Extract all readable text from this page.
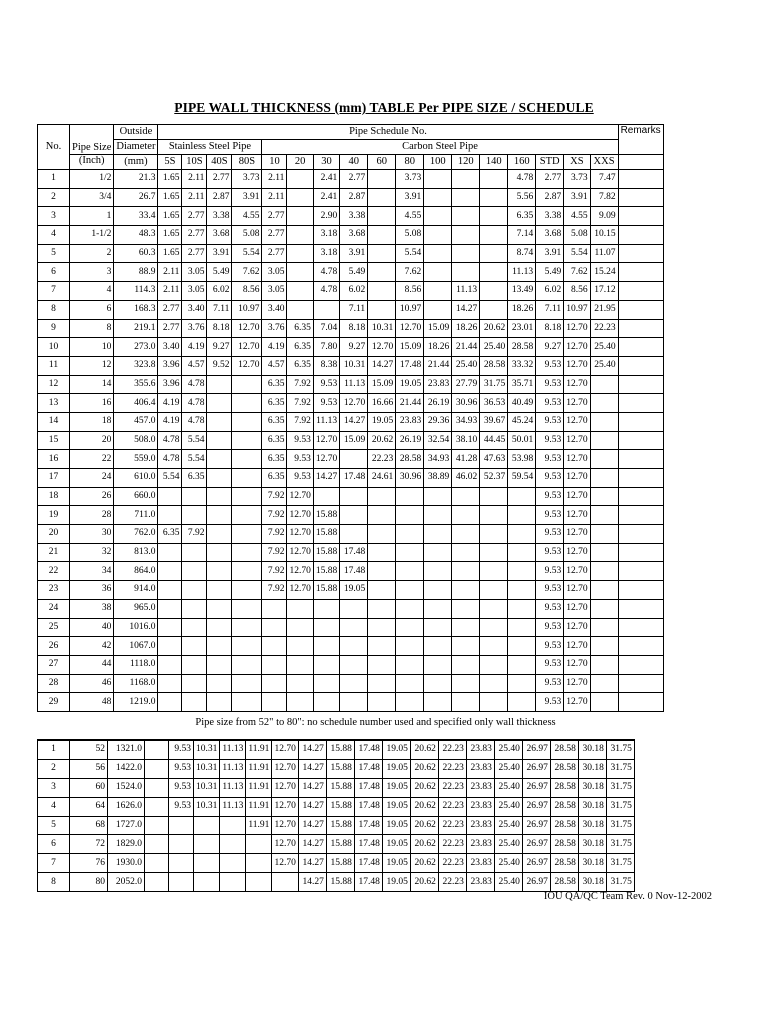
PIPE WALL THICKNESS (mm) TABLE Per PIPE SIZE / SCHEDULE
No.	Pipe Size	Outside	Pipe Schedule No.																	Remarks
		Diameter	Stainless Steel Pipe				Carbon Steel Pipe													
	(Inch)	(mm)	5S	10S	40S	80S	10	20	30	40	60	80	100	120	140	160	STD	XS	XXS	
1	1/2	21.3	1.65	2.11	2.77	3.73	2.11		2.41	2.77		3.73				4.78	2.77	3.73	7.47	
2	3/4	26.7	1.65	2.11	2.87	3.91	2.11		2.41	2.87		3.91				5.56	2.87	3.91	7.82	
3	1	33.4	1.65	2.77	3.38	4.55	2.77		2.90	3.38		4.55				6.35	3.38	4.55	9.09	
4	1-1/2	48.3	1.65	2.77	3.68	5.08	2.77		3.18	3.68		5.08				7.14	3.68	5.08	10.15	
5	2	60.3	1.65	2.77	3.91	5.54	2.77		3.18	3.91		5.54				8.74	3.91	5.54	11.07	
6	3	88.9	2.11	3.05	5.49	7.62	3.05		4.78	5.49		7.62				11.13	5.49	7.62	15.24	
7	4	114.3	2.11	3.05	6.02	8.56	3.05		4.78	6.02		8.56		11.13		13.49	6.02	8.56	17.12	
8	6	168.3	2.77	3.40	7.11	10.97	3.40			7.11		10.97		14.27		18.26	7.11	10.97	21.95	
9	8	219.1	2.77	3.76	8.18	12.70	3.76	6.35	7.04	8.18	10.31	12.70	15.09	18.26	20.62	23.01	8.18	12.70	22.23	
10	10	273.0	3.40	4.19	9.27	12.70	4.19	6.35	7.80	9.27	12.70	15.09	18.26	21.44	25.40	28.58	9.27	12.70	25.40	
11	12	323.8	3.96	4.57	9.52	12.70	4.57	6.35	8.38	10.31	14.27	17.48	21.44	25.40	28.58	33.32	9.53	12.70	25.40	
12	14	355.6	3.96	4.78			6.35	7.92	9.53	11.13	15.09	19.05	23.83	27.79	31.75	35.71	9.53	12.70		
13	16	406.4	4.19	4.78			6.35	7.92	9.53	12.70	16.66	21.44	26.19	30.96	36.53	40.49	9.53	12.70		
14	18	457.0	4.19	4.78			6.35	7.92	11.13	14.27	19.05	23.83	29.36	34.93	39.67	45.24	9.53	12.70		
15	20	508.0	4.78	5.54			6.35	9.53	12.70	15.09	20.62	26.19	32.54	38.10	44.45	50.01	9.53	12.70		
16	22	559.0	4.78	5.54			6.35	9.53	12.70		22.23	28.58	34.93	41.28	47.63	53.98	9.53	12.70		
17	24	610.0	5.54	6.35			6.35	9.53	14.27	17.48	24.61	30.96	38.89	46.02	52.37	59.54	9.53	12.70		
18	26	660.0					7.92	12.70									9.53	12.70		
19	28	711.0					7.92	12.70	15.88								9.53	12.70		
20	30	762.0	6.35	7.92			7.92	12.70	15.88								9.53	12.70		
21	32	813.0					7.92	12.70	15.88	17.48							9.53	12.70		
22	34	864.0					7.92	12.70	15.88	17.48							9.53	12.70		
23	36	914.0					7.92	12.70	15.88	19.05							9.53	12.70		
24	38	965.0															9.53	12.70		
25	40	1016.0															9.53	12.70		
26	42	1067.0															9.53	12.70		
27	44	1118.0															9.53	12.70		
28	46	1168.0															9.53	12.70		
29	48	1219.0															9.53	12.70		
Pipe size from 52" to 80": no schedule number used and specified only wall thickness
1	52	1321.0		9.53	10.31	11.13	11.91	12.70	14.27	15.88	17.48	19.05	20.62	22.23	23.83	25.40	26.97	28.58	30.18	31.75
2	56	1422.0		9.53	10.31	11.13	11.91	12.70	14.27	15.88	17.48	19.05	20.62	22.23	23.83	25.40	26.97	28.58	30.18	31.75
3	60	1524.0		9.53	10.31	11.13	11.91	12.70	14.27	15.88	17.48	19.05	20.62	22.23	23.83	25.40	26.97	28.58	30.18	31.75
4	64	1626.0		9.53	10.31	11.13	11.91	12.70	14.27	15.88	17.48	19.05	20.62	22.23	23.83	25.40	26.97	28.58	30.18	31.75
5	68	1727.0					11.91	12.70	14.27	15.88	17.48	19.05	20.62	22.23	23.83	25.40	26.97	28.58	30.18	31.75
6	72	1829.0						12.70	14.27	15.88	17.48	19.05	20.62	22.23	23.83	25.40	26.97	28.58	30.18	31.75
7	76	1930.0						12.70	14.27	15.88	17.48	19.05	20.62	22.23	23.83	25.40	26.97	28.58	30.18	31.75
8	80	2052.0							14.27	15.88	17.48	19.05	20.62	22.23	23.83	25.40	26.97	28.58	30.18	31.75
IOU QA/QC Team Rev. 0 Nov-12-2002
